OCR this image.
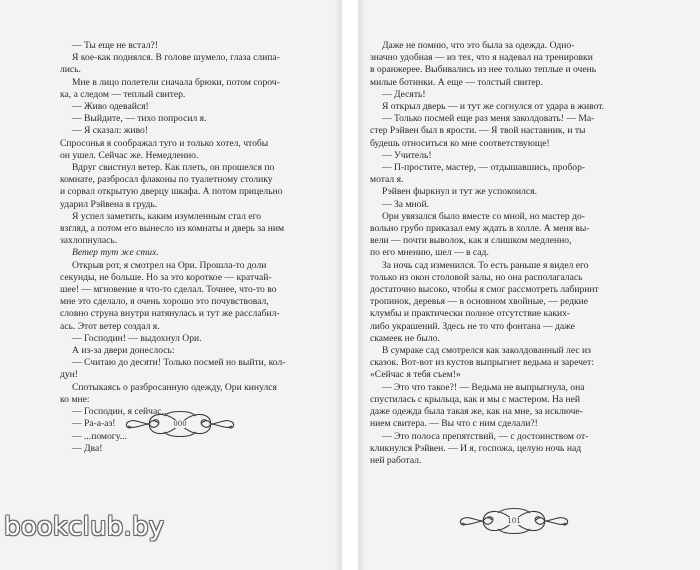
— Ты еще не встал?!

Я кое-как поднялся. В голове шумело, глаза слипа-

лись.

Мне в лицо полетели сначала брюки, потом сороч-

ка, а следом — теплый свитер.

— Живо одевайся!

— Выйдите, — тихо попросил я.

— Я сказал: живо!

Спросонья я соображал туго и только хотел, чтобы

он ушел. Сейчас же. Немедленно.

Вдруг свистнул ветер. Как плеть, он прошелся по

комнате, разбросал флаконы по туалетному столику

и сорвал открытую дверцу шкафа. А потом прицельно

ударил Рэйвена в грудь.

Я успел заметить, каким изумленным стал его

взгляд, а потом его вынесло из комнаты и дверь за ним

захлопнулась.

Ветер тут же стих.

Открыв рот, я смотрел на Ори. Прошла-то доли

секунды, не больше. Но за это короткое — кратчай-

шее! — мгновение я что-то сделал. Точнее, что-то во

мне это сделало, я очень хорошо это почувствовал,

словно струна внутри натянулась и тут же расслабил-

ась. Этот ветер создал я.

— Господин! — выдохнул Ори.

А из-за двери донеслось:

— Считаю до десяти! Только посмей но выйти, кол-

дун!

Спотыкаясь о разбросанную одежду, Ори кинулся

ко мне:

— Господин, я сейчас...

— Ра-а-аз!

— ...помогу...

— Два!

000

Даже не помню, что это была за одежда. Одно-

значно удобная — из тех, что я надевал на тренировки

в оранжерее. Выбивались из нее только теплые и очень

милые ботинки. А еще — толстый свитер.

— Десять!

Я открыл дверь — и тут же согнулся от удара в живот.

— Только посмей еще раз меня заколдовать! — Ма-

стер Рэйвен был в ярости. — Я твой наставник, и ты

будешь относиться ко мне соответствующе!

— Учитель!

— П-простите, мастер, — отдышавшись, пробор-

мотал я.

Рэйвен фыркнул и тут же успокоился.

— За мной.

Ори увязался было вместе со мной, но мастер до-

вольно грубо приказал ему ждать в холле. А меня вы-

вели — почти выволок, как я слишком медленно,

по его мнению, шел — в сад.

За ночь сад изменился. То есть раньше я видел его

только из окон столовой залы, но она располагалась

достаточно высоко, чтобы я смог рассмотреть лабиринт

тропинок, деревья — в основном хвойные, — редкие

клумбы и практически полное отсутствие каких-

либо украшений. Здесь не то что фонтана — даже

скамеек не было.

В сумраке сад смотрелся как заколдованный лес из

сказок. Вот-вот из кустов выпрыгнет ведьма и заречет:

«Сейчас я тебя съем!»

— Это что такое?! — Ведьма не выпрыгнула, она

спустилась с крыльца, как и мы с мастером. На ней

даже одежда была такая же, как на мне, за исключе-

нием свитера. — Вы что с ним сделали?!

— Это полоса препятствий, — с достоинством от-

кликнулся Рэйвен. — И я, госпожа, целую ночь над

ней работал.

101
bookclub.by
